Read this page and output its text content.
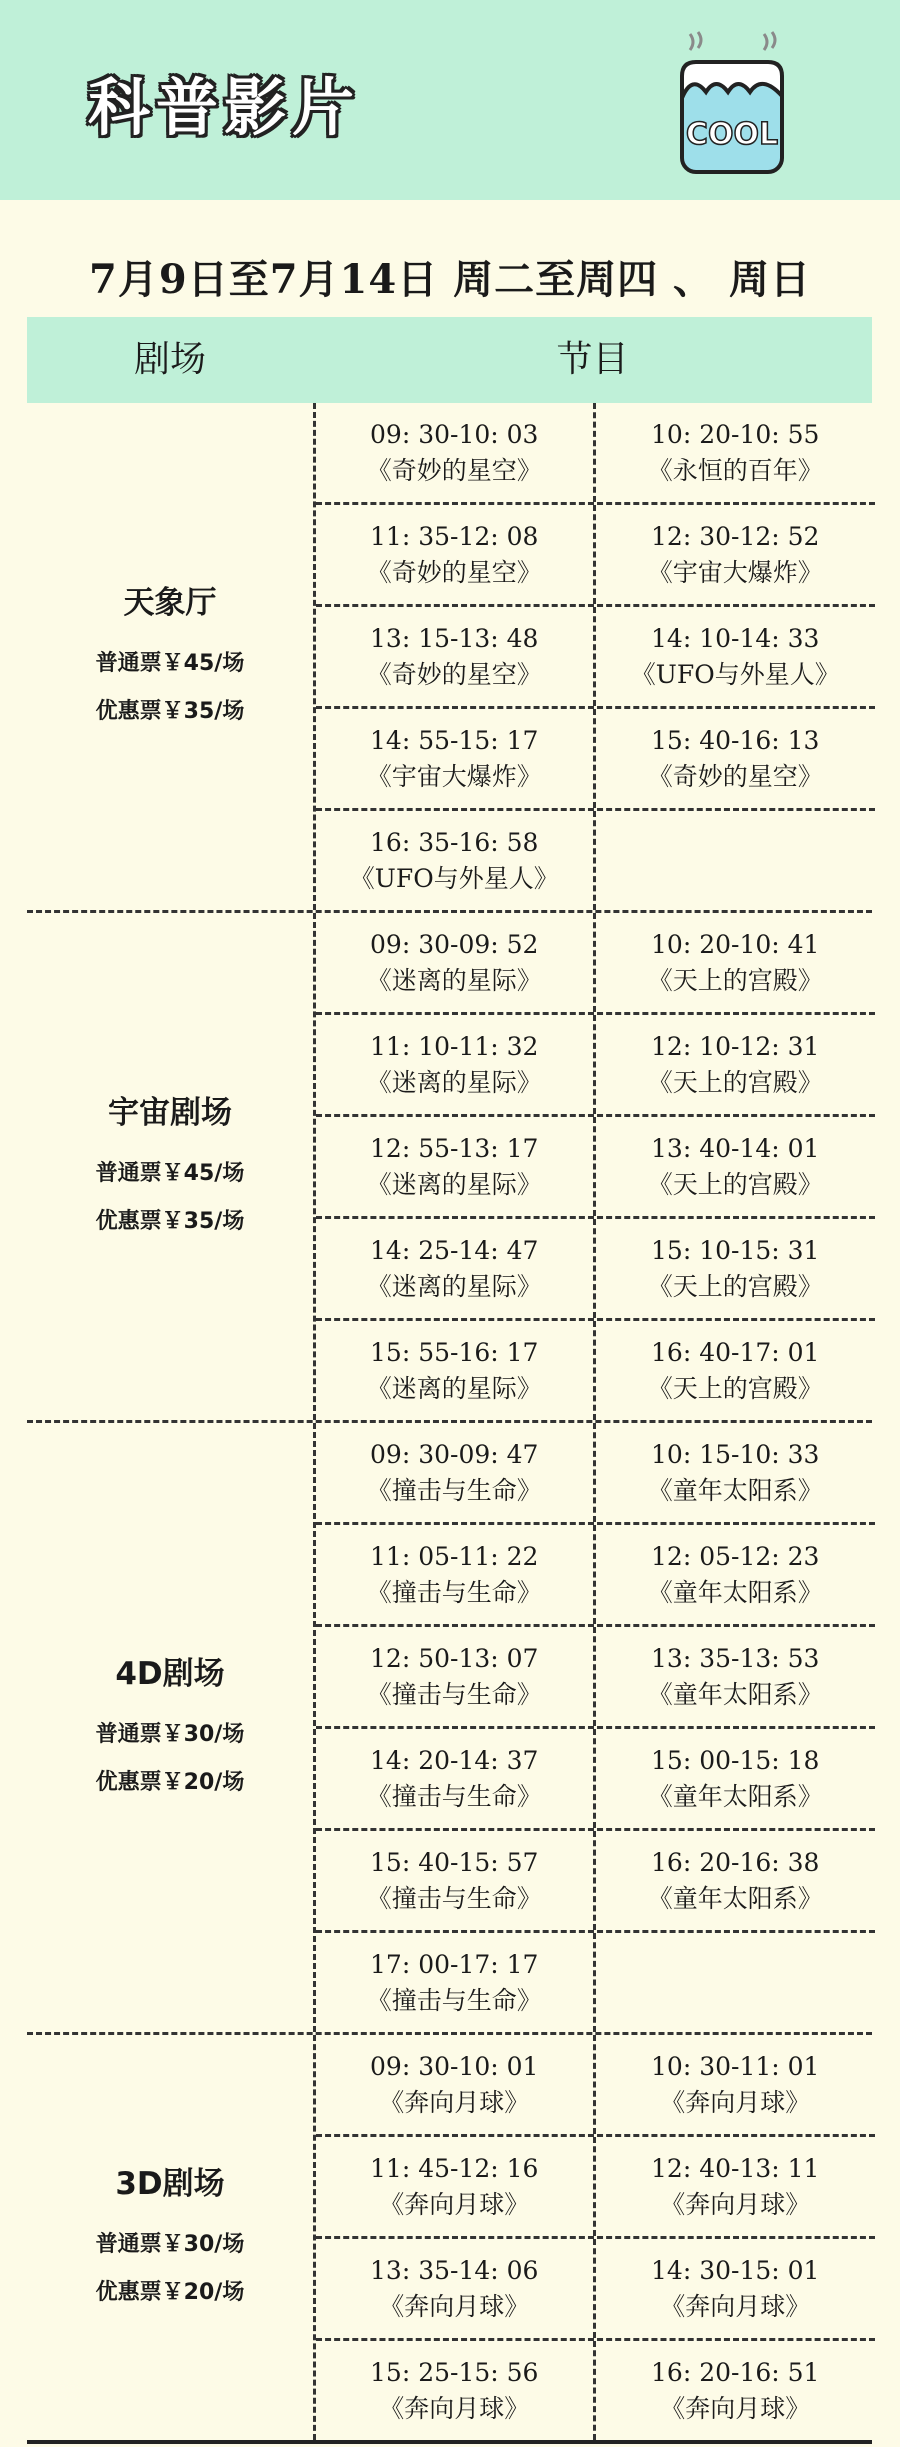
科普影片	COOL
7月9日至7月14日 周二至周四 、 周日
剧场	节目
天象厅
普通票￥45/场
优惠票￥35/场
09: 30-10: 03
《奇妙的星空》
10: 20-10: 55
《永恒的百年》
11: 35-12: 08
《奇妙的星空》
12: 30-12: 52
《宇宙大爆炸》
13: 15-13: 48
《奇妙的星空》
14: 10-14: 33
《UFO与外星人》
14: 55-15: 17
《宇宙大爆炸》
15: 40-16: 13
《奇妙的星空》
16: 35-16: 58
《UFO与外星人》
宇宙剧场
普通票￥45/场
优惠票￥35/场
09: 30-09: 52
《迷离的星际》
10: 20-10: 41
《天上的宫殿》
11: 10-11: 32
《迷离的星际》
12: 10-12: 31
《天上的宫殿》
12: 55-13: 17
《迷离的星际》
13: 40-14: 01
《天上的宫殿》
14: 25-14: 47
《迷离的星际》
15: 10-15: 31
《天上的宫殿》
15: 55-16: 17
《迷离的星际》
16: 40-17: 01
《天上的宫殿》
4D剧场
普通票￥30/场
优惠票￥20/场
09: 30-09: 47
《撞击与生命》
10: 15-10: 33
《童年太阳系》
11: 05-11: 22
《撞击与生命》
12: 05-12: 23
《童年太阳系》
12: 50-13: 07
《撞击与生命》
13: 35-13: 53
《童年太阳系》
14: 20-14: 37
《撞击与生命》
15: 00-15: 18
《童年太阳系》
15: 40-15: 57
《撞击与生命》
16: 20-16: 38
《童年太阳系》
17: 00-17: 17
《撞击与生命》
3D剧场
普通票￥30/场
优惠票￥20/场
09: 30-10: 01
《奔向月球》
10: 30-11: 01
《奔向月球》
11: 45-12: 16
《奔向月球》
12: 40-13: 11
《奔向月球》
13: 35-14: 06
《奔向月球》
14: 30-15: 01
《奔向月球》
15: 25-15: 56
《奔向月球》
16: 20-16: 51
《奔向月球》
